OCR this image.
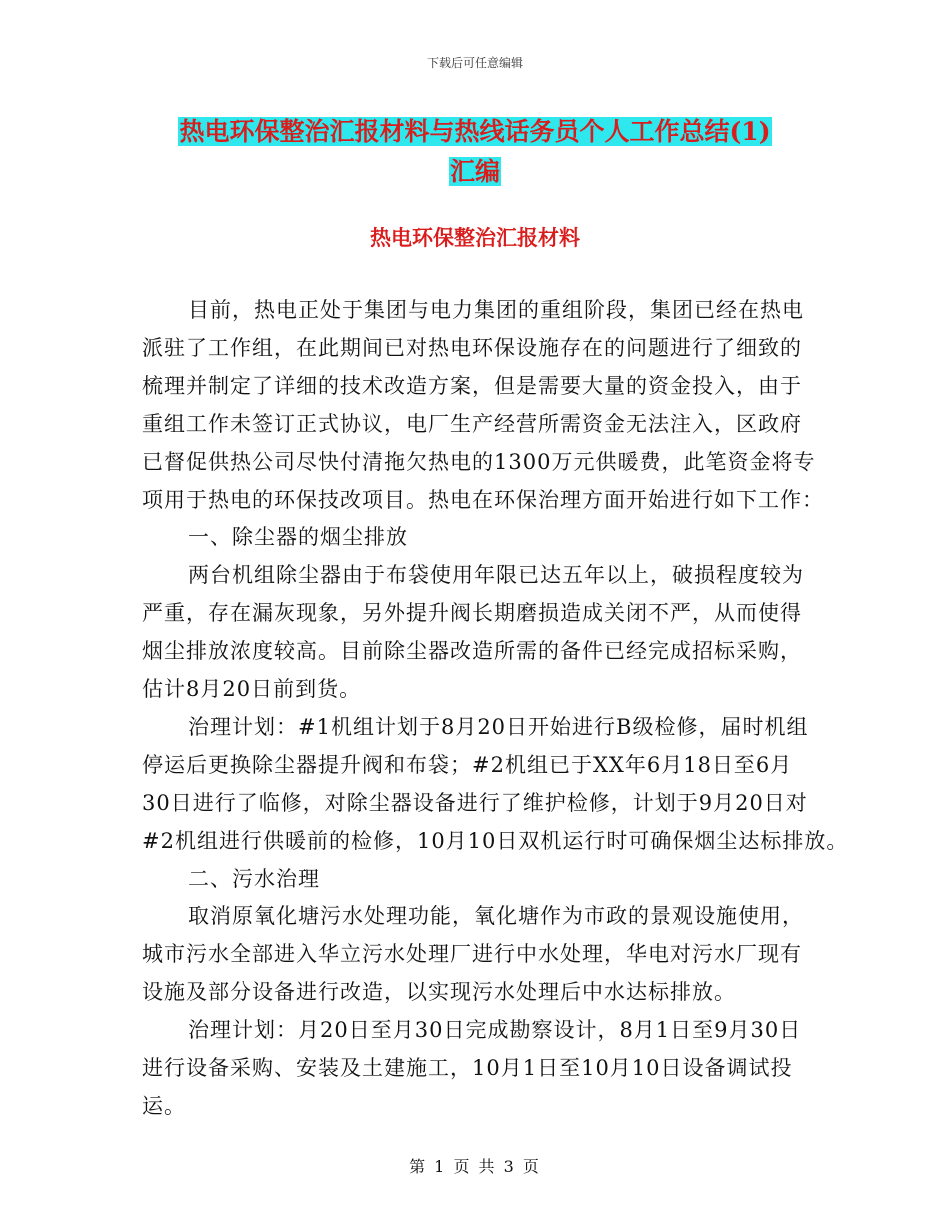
下载后可任意编辑
热电环保整治汇报材料与热线话务员个人工作总结(1)
汇编
热电环保整治汇报材料
目前，热电正处于集团与电力集团的重组阶段，集团已经在热电
派驻了工作组，在此期间已对热电环保设施存在的问题进行了细致的
梳理并制定了详细的技术改造方案，但是需要大量的资金投入，由于
重组工作未签订正式协议，电厂生产经营所需资金无法注入，区政府
已督促供热公司尽快付清拖欠热电的1300万元供暖费，此笔资金将专
项用于热电的环保技改项目。热电在环保治理方面开始进行如下工作：
一、除尘器的烟尘排放
两台机组除尘器由于布袋使用年限已达五年以上，破损程度较为
严重，存在漏灰现象，另外提升阀长期磨损造成关闭不严，从而使得
烟尘排放浓度较高。目前除尘器改造所需的备件已经完成招标采购，
估计8月20日前到货。
治理计划：#1机组计划于8月20日开始进行B级检修，届时机组
停运后更换除尘器提升阀和布袋；#2机组已于XX年6月18日至6月
30日进行了临修，对除尘器设备进行了维护检修，计划于9月20日对
#2机组进行供暖前的检修，10月10日双机运行时可确保烟尘达标排放。
二、污水治理
取消原氧化塘污水处理功能，氧化塘作为市政的景观设施使用，
城市污水全部进入华立污水处理厂进行中水处理，华电对污水厂现有
设施及部分设备进行改造，以实现污水处理后中水达标排放。
治理计划：月20日至月30日完成勘察设计，8月1日至9月30日
进行设备采购、安装及土建施工，10月1日至10月10日设备调试投
运。
第 1 页 共 3 页
